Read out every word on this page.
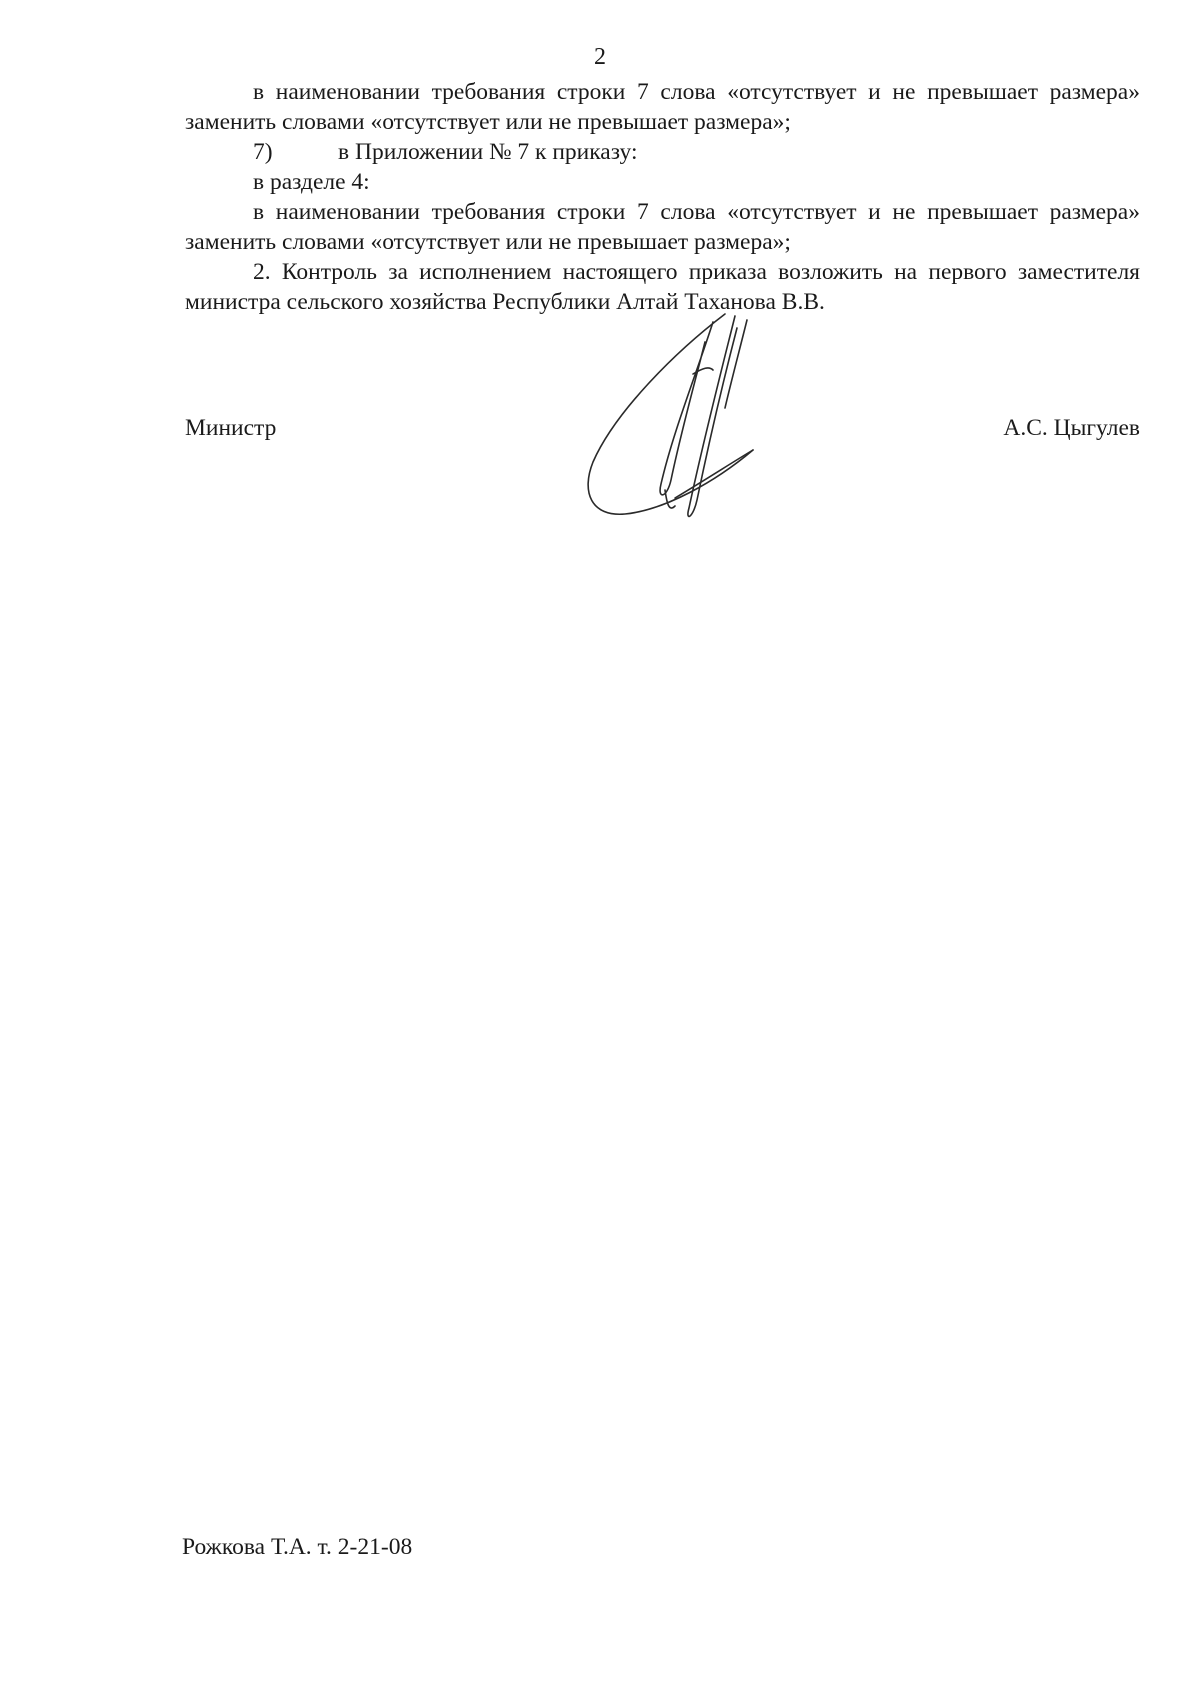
2

в наименовании требования строки 7 слова «отсутствует и не превышает размера» заменить словами «отсутствует или не превышает размера»;

7)	в Приложении № 7 к приказу:

в разделе 4:

в наименовании требования строки 7 слова «отсутствует и не превышает размера» заменить словами «отсутствует или не превышает размера»;

2. Контроль за исполнением настоящего приказа возложить на первого заместителя министра сельского хозяйства Республики Алтай Таханова В.В.

Министр	А.С. Цыгулев
Рожкова Т.А. т. 2-21-08
